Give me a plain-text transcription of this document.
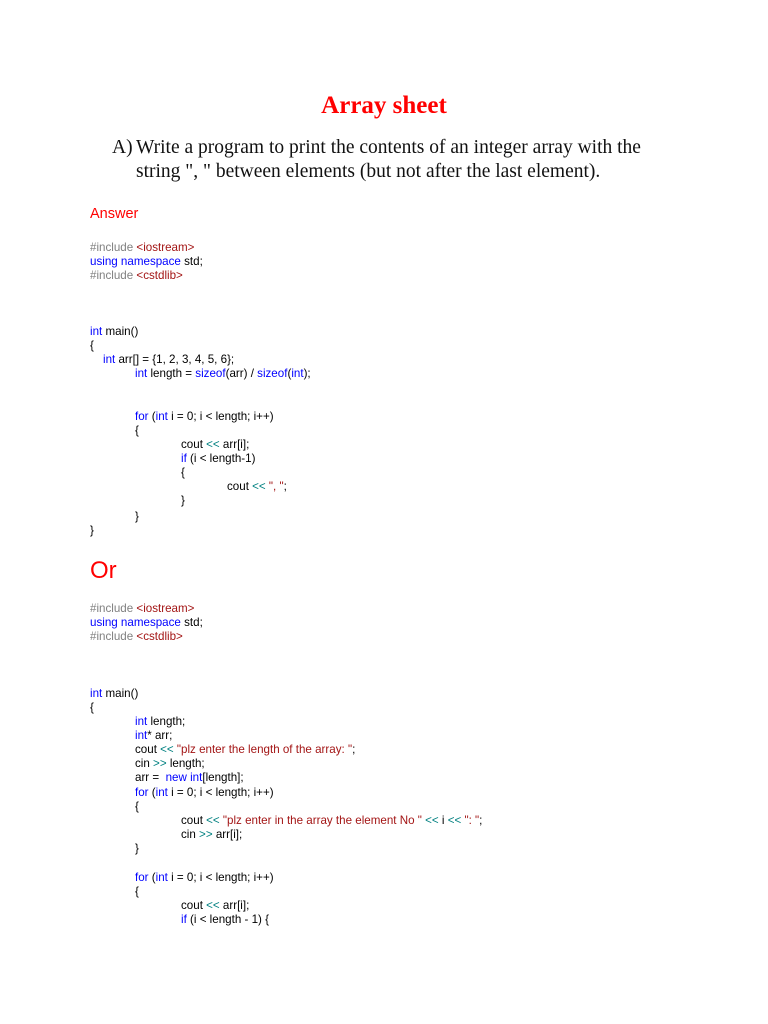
Array sheet
A) Write a program to print the contents of an integer array with the string ", " between elements (but not after the last element).
Answer
#include <iostream>
using namespace std;
#include <cstdlib>
int main()
{
int arr[] = {1, 2, 3, 4, 5, 6};
int length = sizeof(arr) / sizeof(int);
for (int i = 0; i < length; i++)
{
cout << arr[i];
if (i < length-1)
{
cout << ", ";
}
}
}
Or
#include <iostream>
using namespace std;
#include <cstdlib>
int main()
{
int length;
int* arr;
cout << "plz enter the length of the array: ";
cin >> length;
arr =  new int[length];
for (int i = 0; i < length; i++)
{
cout << "plz enter in the array the element No " << i << ": ";
cin >> arr[i];
}
for (int i = 0; i < length; i++)
{
cout << arr[i];
if (i < length - 1) {
